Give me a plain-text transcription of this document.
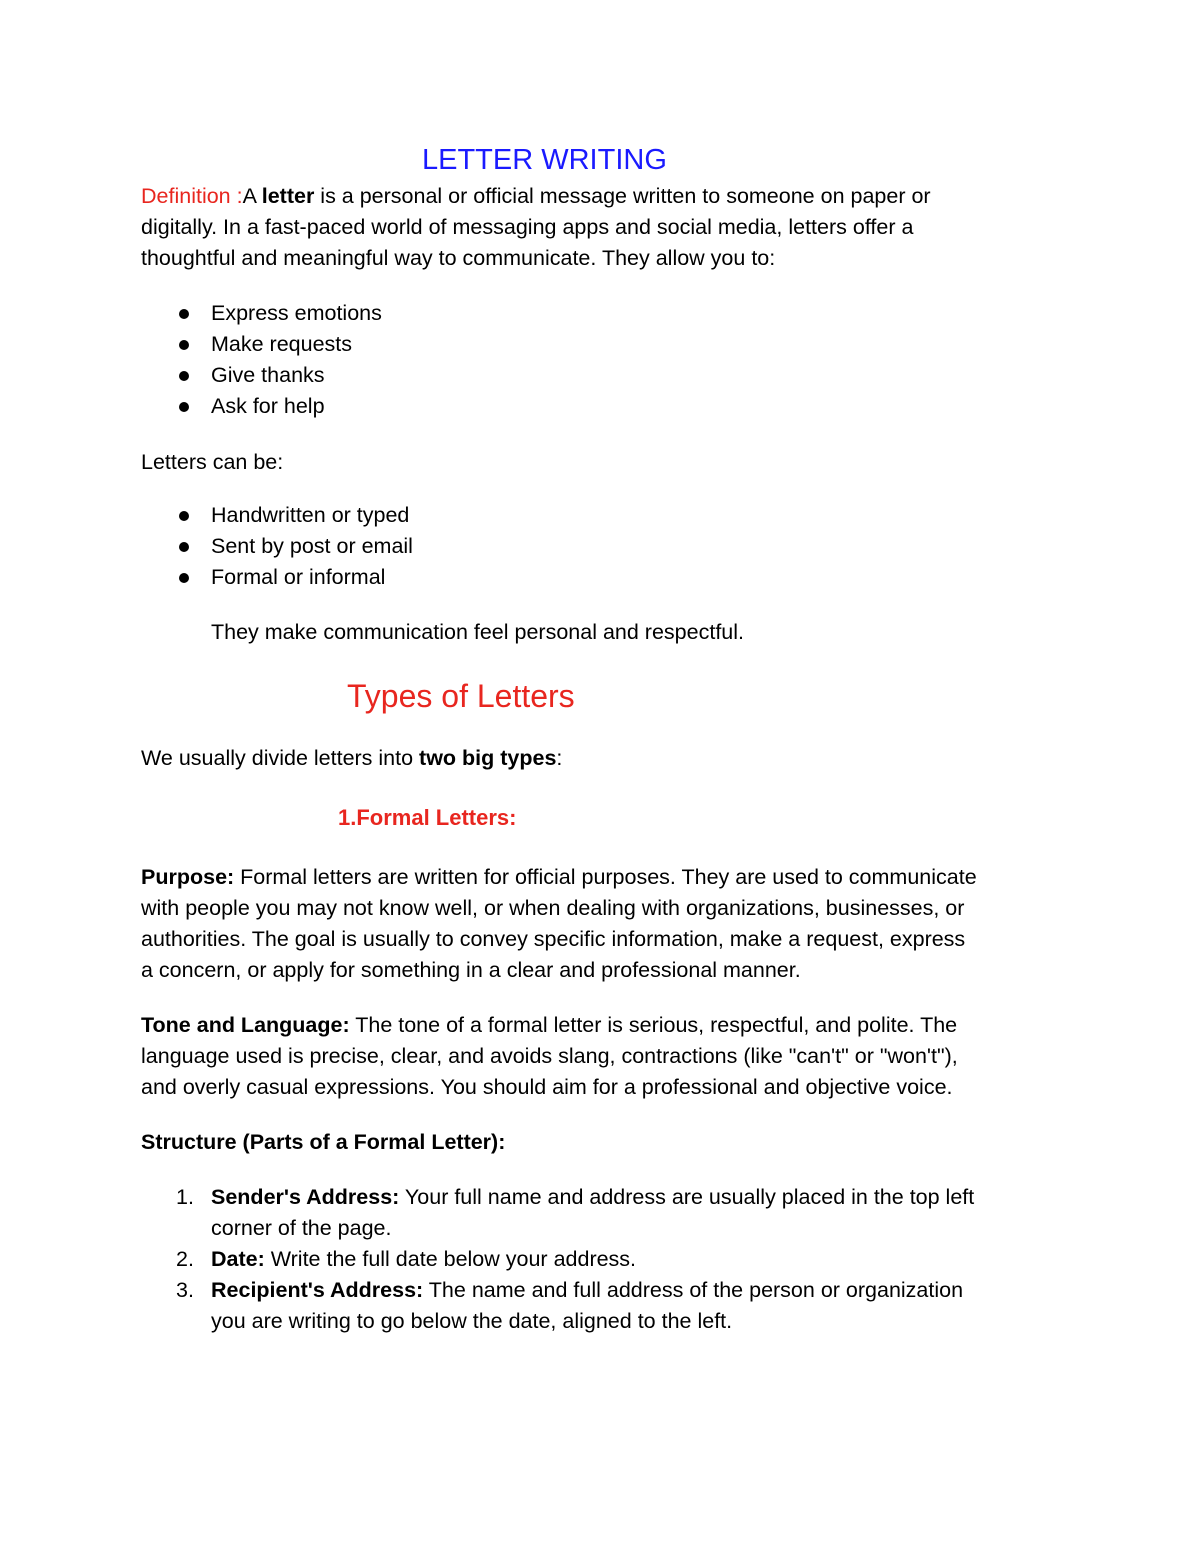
LETTER WRITING

Definition :A letter is a personal or official message written to someone on paper or

digitally. In a fast-paced world of messaging apps and social media, letters offer a

thoughtful and meaningful way to communicate. They allow you to:

Express emotions
Make requests
Give thanks
Ask for help

Letters can be:

Handwritten or typed
Sent by post or email
Formal or informal

They make communication feel personal and respectful.

Types of Letters

We usually divide letters into two big types:

1.Formal Letters:

Purpose: Formal letters are written for official purposes. They are used to communicate

with people you may not know well, or when dealing with organizations, businesses, or

authorities. The goal is usually to convey specific information, make a request, express

a concern, or apply for something in a clear and professional manner.

Tone and Language: The tone of a formal letter is serious, respectful, and polite. The

language used is precise, clear, and avoids slang, contractions (like "can't" or "won't"),

and overly casual expressions. You should aim for a professional and objective voice.

Structure (Parts of a Formal Letter):

1. Sender's Address: Your full name and address are usually placed in the top left

corner of the page.

2. Date: Write the full date below your address.

3. Recipient's Address: The name and full address of the person or organization

you are writing to go below the date, aligned to the left.
